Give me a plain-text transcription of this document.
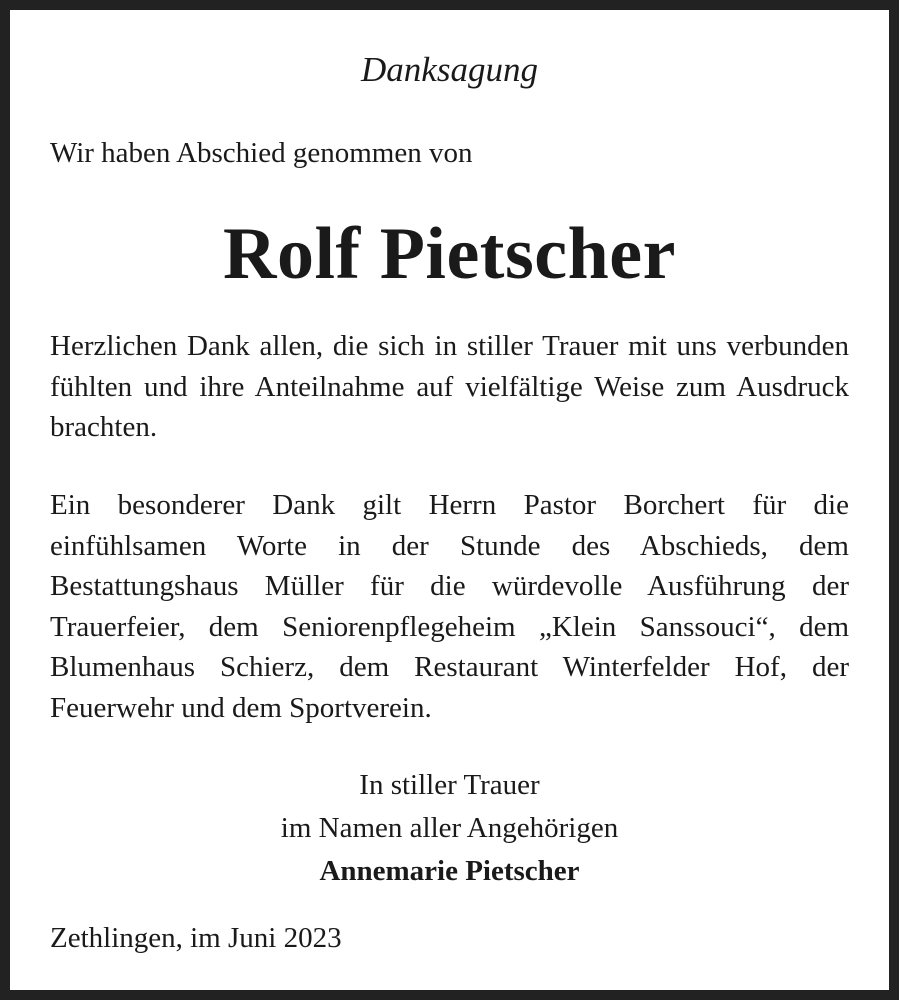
Danksagung

Wir haben Abschied genommen von

Rolf Pietscher

Herzlichen Dank allen, die sich in stiller Trauer mit uns verbunden fühlten und ihre Anteilnahme auf vielfältige Weise zum Ausdruck brachten.

Ein besonderer Dank gilt Herrn Pastor Borchert für die einfühlsamen Worte in der Stunde des Abschieds, dem Bestattungshaus Müller für die würdevolle Ausführung der Trauerfeier, dem Seniorenpflegeheim „Klein Sanssouci“, dem Blumenhaus Schierz, dem Restaurant Winterfelder Hof, der Feuerwehr und dem Sportverein.

In stiller Trauer
im Namen aller Angehörigen
Annemarie Pietscher

Zethlingen, im Juni 2023
